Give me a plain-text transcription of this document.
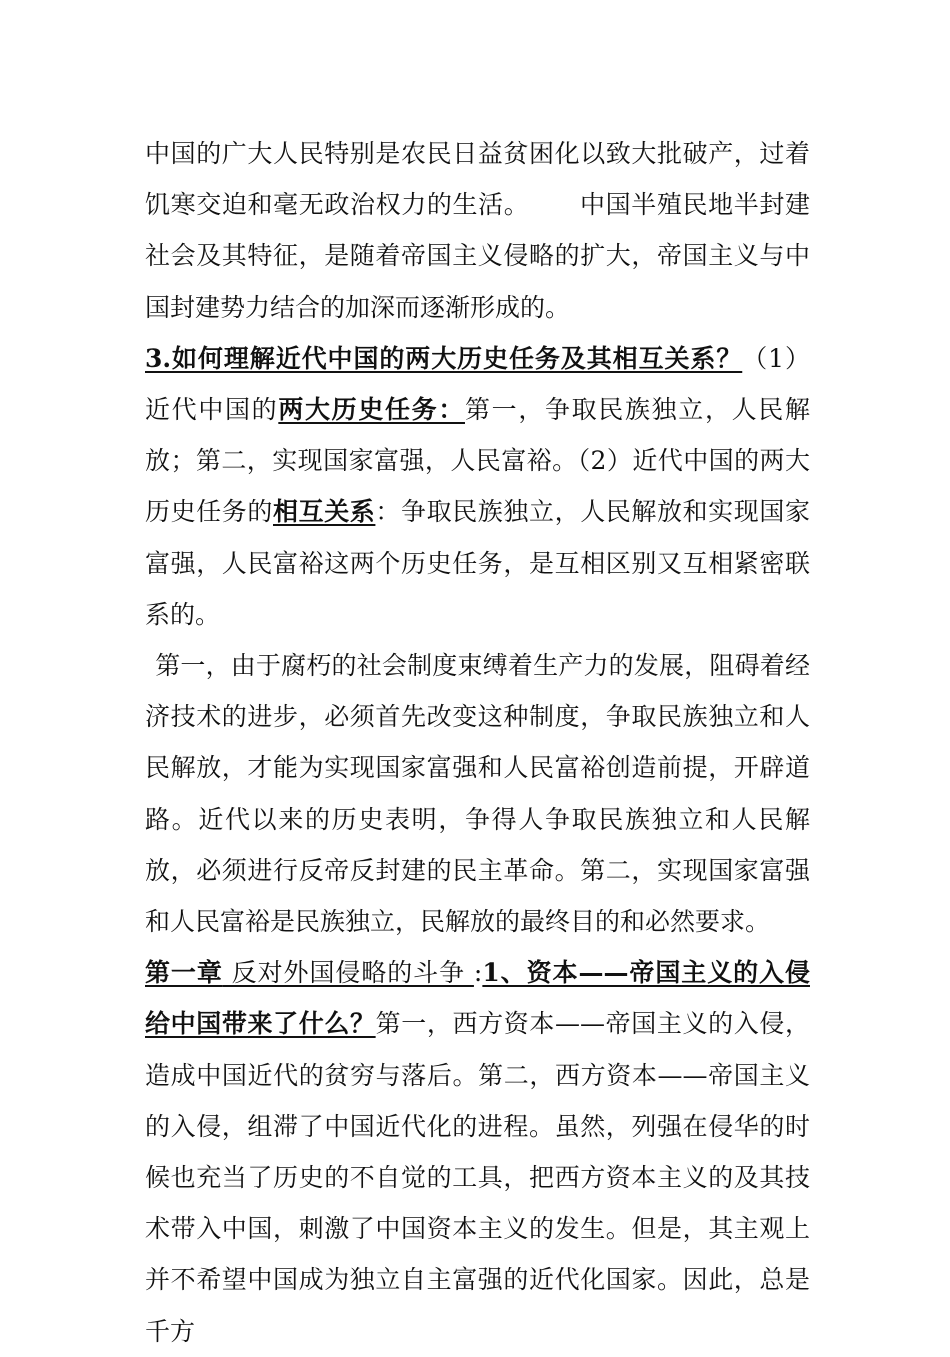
中国的广大人民特别是农民日益贫困化以致大批破产，过着饥寒交迫和毫无政治权力的生活。 中国半殖民地半封建社会及其特征，是随着帝国主义侵略的扩大，帝国主义与中国封建势力结合的加深而逐渐形成的。

3.如何理解近代中国的两大历史任务及其相互关系？（1）近代中国的两大历史任务：第一，争取民族独立，人民解放；第二，实现国家富强，人民富裕。（2）近代中国的两大历史任务的相互关系：争取民族独立，人民解放和实现国家富强，人民富裕这两个历史任务，是互相区别又互相紧密联系的。

第一，由于腐朽的社会制度束缚着生产力的发展，阻碍着经济技术的进步，必须首先改变这种制度，争取民族独立和人民解放，才能为实现国家富强和人民富裕创造前提，开辟道路。近代以来的历史表明，争得人争取民族独立和人民解放，必须进行反帝反封建的民主革命。第二，实现国家富强和人民富裕是民族独立，民解放的最终目的和必然要求。

第一章 反对外国侵略的斗争 :1、资本——帝国主义的入侵给中国带来了什么？第一，西方资本——帝国主义的入侵，造成中国近代的贫穷与落后。第二，西方资本——帝国主义的入侵，组滞了中国近代化的进程。虽然，列强在侵华的时候也充当了历史的不自觉的工具，把西方资本主义的及其技术带入中国，刺激了中国资本主义的发生。但是，其主观上并不希望中国成为独立自主富强的近代化国家。因此，总是千方
